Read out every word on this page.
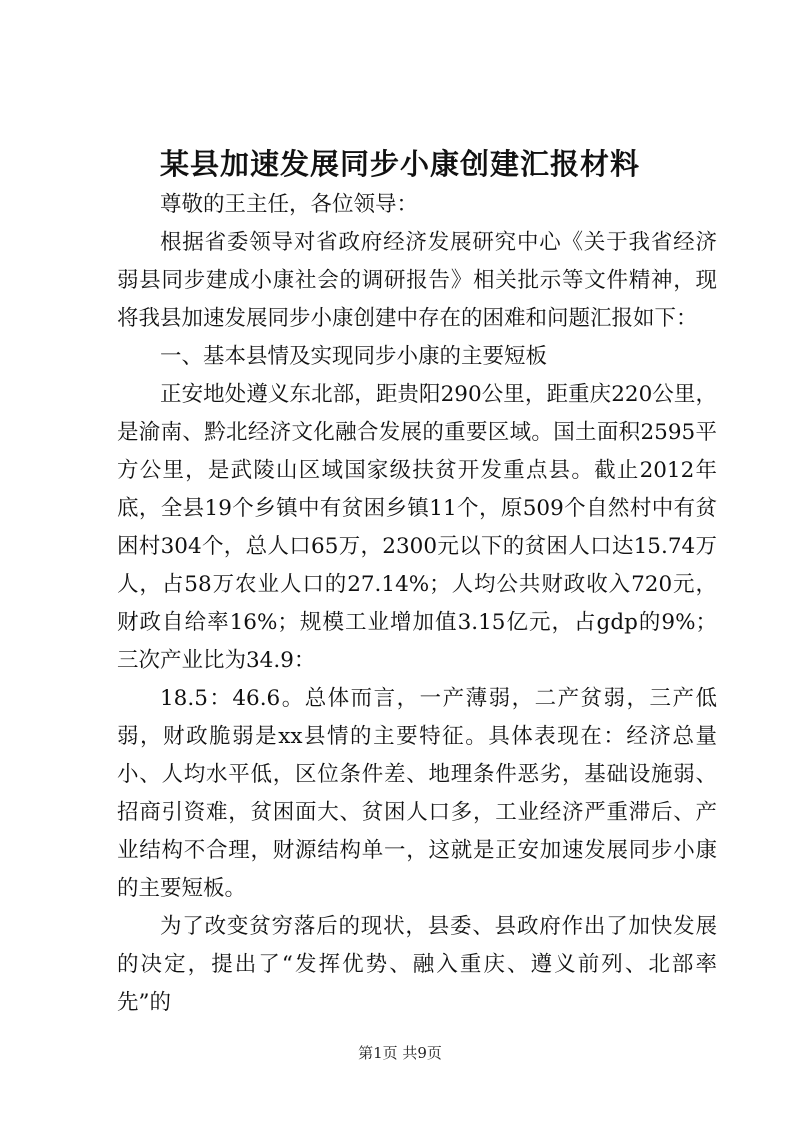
某县加速发展同步小康创建汇报材料

尊敬的王主任，各位领导：

根据省委领导对省政府经济发展研究中心《关于我省经济弱县同步建成小康社会的调研报告》相关批示等文件精神，现将我县加速发展同步小康创建中存在的困难和问题汇报如下：

一、基本县情及实现同步小康的主要短板

正安地处遵义东北部，距贵阳290公里，距重庆220公里，是渝南、黔北经济文化融合发展的重要区域。国土面积2595平方公里，是武陵山区域国家级扶贫开发重点县。截止2012年底，全县19个乡镇中有贫困乡镇11个，原509个自然村中有贫困村304个，总人口65万，2300元以下的贫困人口达15.74万人，占58万农业人口的27.14%；人均公共财政收入720元，财政自给率16%；规模工业增加值3.15亿元，占gdp的9%；三次产业比为34.9：

18.5：46.6。总体而言，一产薄弱，二产贫弱，三产低弱，财政脆弱是xx县情的主要特征。具体表现在：经济总量小、人均水平低，区位条件差、地理条件恶劣，基础设施弱、招商引资难，贫困面大、贫困人口多，工业经济严重滞后、产业结构不合理，财源结构单一，这就是正安加速发展同步小康的主要短板。

为了改变贫穷落后的现状，县委、县政府作出了加快发展的决定，提出了“发挥优势、融入重庆、遵义前列、北部率先”的

第1页 共9页
